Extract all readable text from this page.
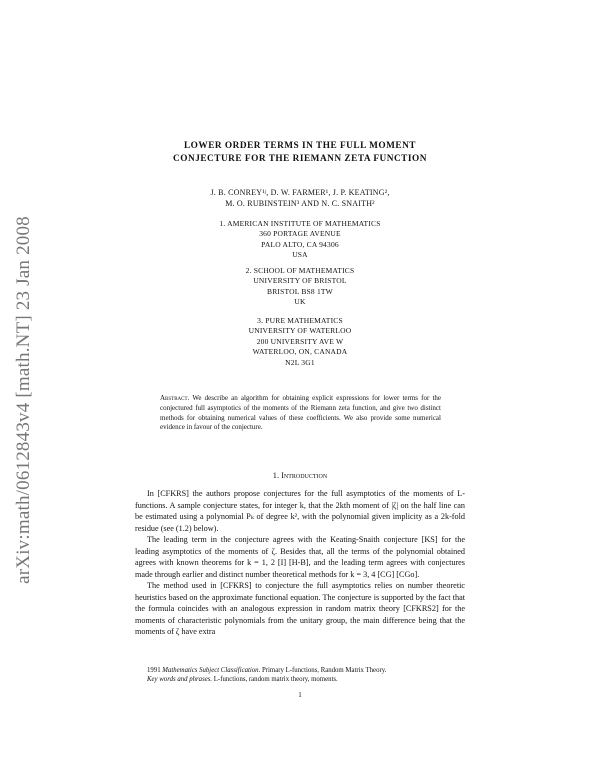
arXiv:math/0612843v4 [math.NT] 23 Jan 2008
LOWER ORDER TERMS IN THE FULL MOMENT
CONJECTURE FOR THE RIEMANN ZETA FUNCTION
J. B. CONREY¹ʲ, D. W. FARMER¹, J. P. KEATING²,
M. O. RUBINSTEIN³ AND N. C. SNAITH²
1. AMERICAN INSTITUTE OF MATHEMATICS
360 PORTAGE AVENUE
PALO ALTO, CA 94306
USA
2. SCHOOL OF MATHEMATICS
UNIVERSITY OF BRISTOL
BRISTOL BS8 1TW
UK
3. PURE MATHEMATICS
UNIVERSITY OF WATERLOO
200 UNIVERSITY AVE W
WATERLOO, ON, CANADA
N2L 3G1
Abstract. We describe an algorithm for obtaining explicit expressions for lower terms for the conjectured full asymptotics of the moments of the Riemann zeta function, and give two distinct methods for obtaining numerical values of these coefficients. We also provide some numerical evidence in favour of the conjecture.
1. Introduction

In [CFKRS] the authors propose conjectures for the full asymptotics of the moments of L-functions. A sample conjecture states, for integer k, that the 2kth moment of |ζ| on the half line can be estimated using a polynomial Pₖ of degree k², with the polynomial given implicity as a 2k-fold residue (see (1.2) below).

The leading term in the conjecture agrees with the Keating-Snaith conjecture [KS] for the leading asymptotics of the moments of ζ. Besides that, all the terms of the polynomial obtained agrees with known theorems for k = 1, 2 [I] [H-B], and the leading term agrees with conjectures made through earlier and distinct number theoretical methods for k = 3, 4 [CG] [CGo].

The method used in [CFKRS] to conjecture the full asymptotics relies on number theoretic heuristics based on the approximate functional equation. The conjecture is supported by the fact that the formula coincides with an analogous expression in random matrix theory [CFKRS2] for the moments of characteristic polynomials from the unitary group, the main difference being that the moments of ζ have extra

1991 Mathematics Subject Classification. Primary L-functions, Random Matrix Theory.
Key words and phrases. L-functions, random matrix theory, moments.
1
